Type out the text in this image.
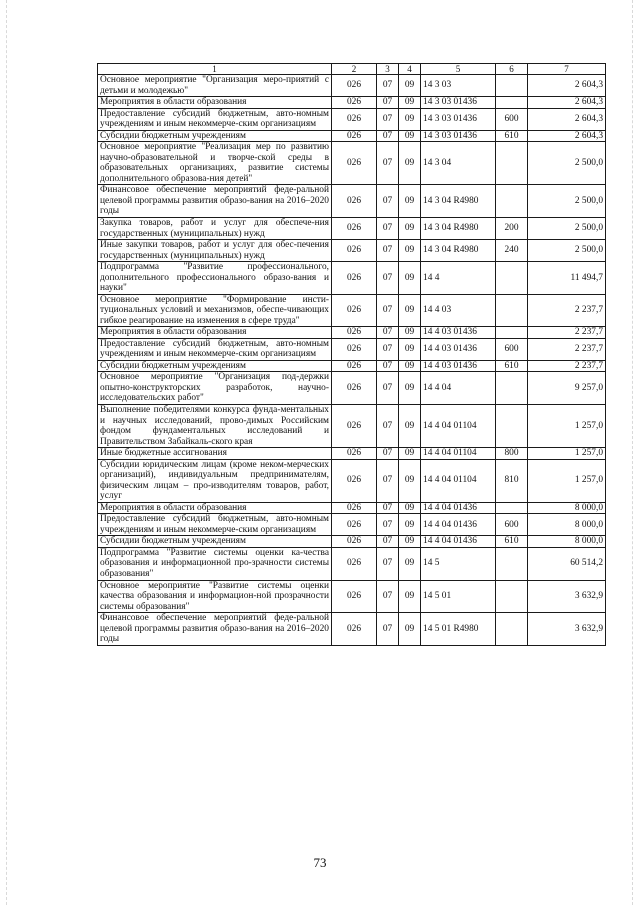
1	2	3	4	5	6	7
Основное мероприятие "Организация меро-приятий с детьми и молодежью"	026	07	09	14 3 03		2 604,3
Мероприятия в области образования	026	07	09	14 3 03 01436		2 604,3
Предоставление субсидий бюджетным, авто-номным учреждениям и иным некоммерче-ским организациям	026	07	09	14 3 03 01436	600	2 604,3
Субсидии бюджетным учреждениям	026	07	09	14 3 03 01436	610	2 604,3
Основное мероприятие "Реализация мер по развитию научно-образовательной и творче-ской среды в образовательных организациях, развитие системы дополнительного образова-ния детей"	026	07	09	14 3 04		2 500,0
Финансовое обеспечение мероприятий феде-ральной целевой программы развития образо-вания на 2016–2020 годы	026	07	09	14 3 04 R4980		2 500,0
Закупка товаров, работ и услуг для обеспече-ния государственных (муниципальных) нужд	026	07	09	14 3 04 R4980	200	2 500,0
Иные закупки товаров, работ и услуг для обес-печения государственных (муниципальных) нужд	026	07	09	14 3 04 R4980	240	2 500,0
Подпрограмма "Развитие профессионального, дополнительного профессионального образо-вания и науки"	026	07	09	14 4		11 494,7
Основное мероприятие "Формирование инсти-туциональных условий и механизмов, обеспе-чивающих гибкое реагирование на изменения в сфере труда"	026	07	09	14 4 03		2 237,7
Мероприятия в области образования	026	07	09	14 4 03 01436		2 237,7
Предоставление субсидий бюджетным, авто-номным учреждениям и иным некоммерче-ским организациям	026	07	09	14 4 03 01436	600	2 237,7
Субсидии бюджетным учреждениям	026	07	09	14 4 03 01436	610	2 237,7
Основное мероприятие "Организация под-держки опытно-конструкторских разработок, научно-исследовательских работ"	026	07	09	14 4 04		9 257,0
Выполнение победителями конкурса фунда-ментальных и научных исследований, прово-димых Российским фондом фундаментальных исследований и Правительством Забайкаль-ского края	026	07	09	14 4 04 01104		1 257,0
Иные бюджетные ассигнования	026	07	09	14 4 04 01104	800	1 257,0
Субсидии юридическим лицам (кроме неком-мерческих организаций), индивидуальным предпринимателям, физическим лицам – про-изводителям товаров, работ, услуг	026	07	09	14 4 04 01104	810	1 257,0
Мероприятия в области образования	026	07	09	14 4 04 01436		8 000,0
Предоставление субсидий бюджетным, авто-номным учреждениям и иным некоммерче-ским организациям	026	07	09	14 4 04 01436	600	8 000,0
Субсидии бюджетным учреждениям	026	07	09	14 4 04 01436	610	8 000,0
Подпрограмма "Развитие системы оценки ка-чества образования и информационной про-зрачности системы образования"	026	07	09	14 5		60 514,2
Основное мероприятие "Развитие системы оценки качества образования и информацион-ной прозрачности системы образования"	026	07	09	14 5 01		3 632,9
Финансовое обеспечение мероприятий феде-ральной целевой программы развития образо-вания на 2016–2020 годы	026	07	09	14 5 01 R4980		3 632,9
73
